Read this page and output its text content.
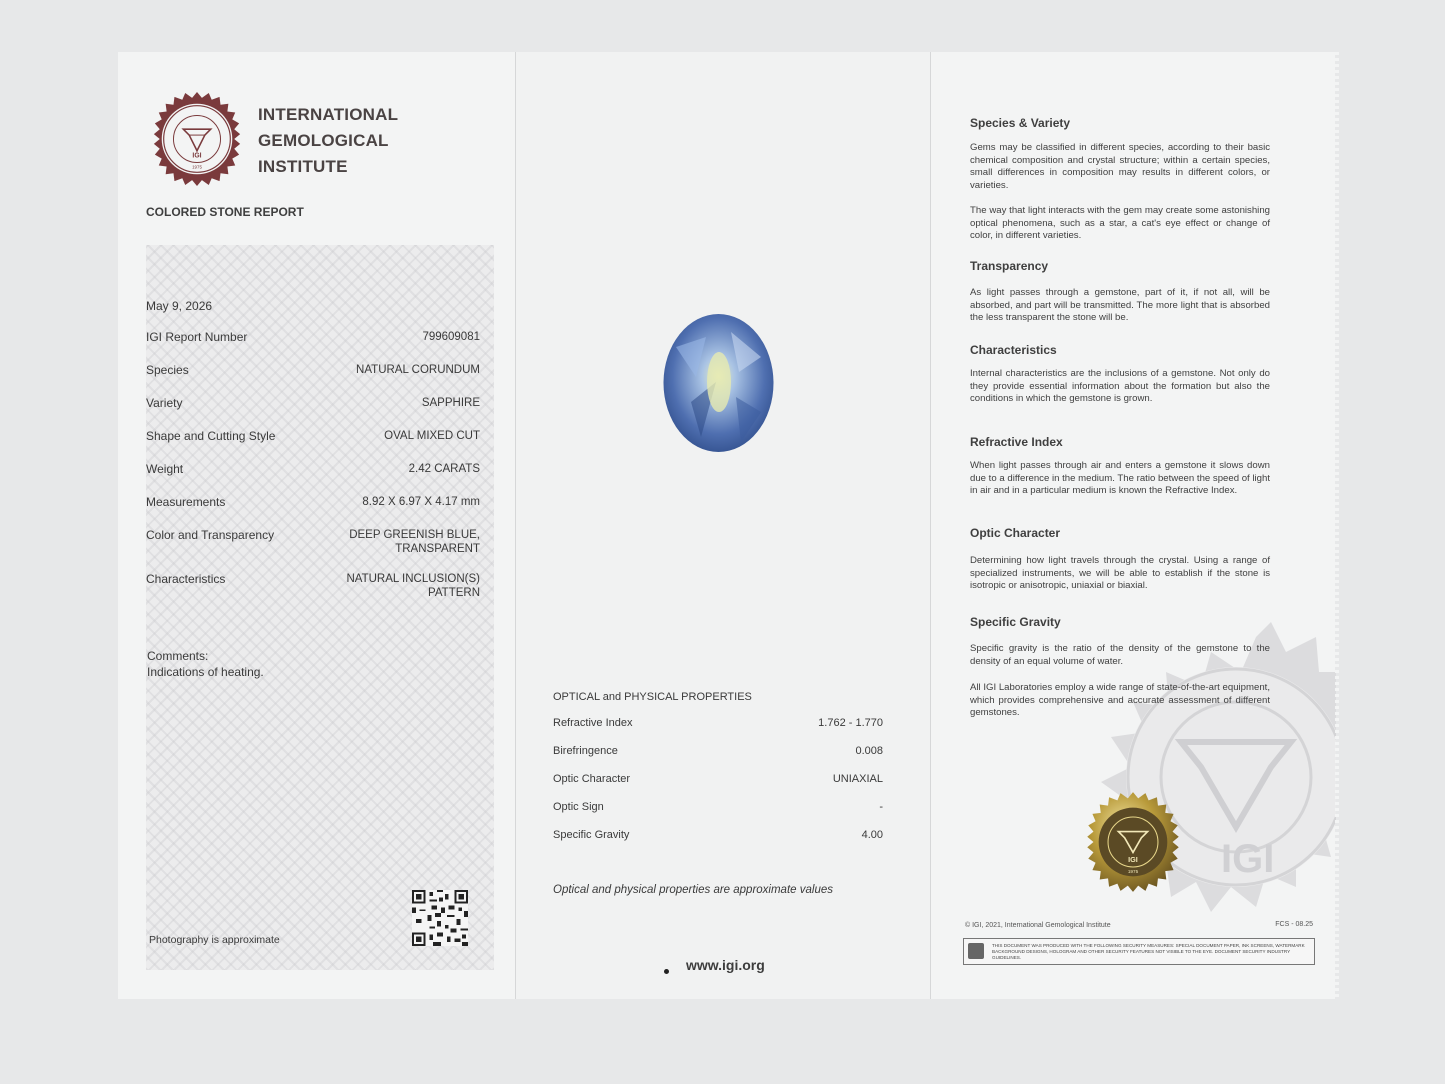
IGI
1975
INTERNATIONAL
GEMOLOGICAL
INSTITUTE
COLORED STONE REPORT
May 9, 2026
IGI Report Number	799609081
Species	NATURAL CORUNDUM
Variety	SAPPHIRE
Shape and Cutting Style	OVAL MIXED CUT
Weight	2.42 CARATS
Measurements	8.92 X 6.97 X 4.17 mm
Color and Transparency	DEEP GREENISH BLUE,
TRANSPARENT
Characteristics	NATURAL INCLUSION(S)
PATTERN
Comments:
Indications of heating.
Photography is approximate
OPTICAL and PHYSICAL PROPERTIES
Refractive Index	1.762 - 1.770
Birefringence	0.008
Optic Character	UNIAXIAL
Optic Sign	-
Specific Gravity	4.00
Optical and physical properties are approximate values
www.igi.org
IGI
Species & Variety
Gems may be classified in different species, according to their basic chemical composition and crystal structure; within a certain species, small differences in composition may results in different colors, or varieties.
The way that light interacts with the gem may create some astonishing optical phenomena, such as a star, a cat's eye effect or change of color, in different varieties.
Transparency
As light passes through a gemstone, part of it, if not all, will be absorbed, and part will be transmitted. The more light that is absorbed the less transparent the stone will be.
Characteristics
Internal characteristics are the inclusions of a gemstone. Not only do they provide essential information about the formation but also the conditions in which the gemstone is grown.
Refractive Index
When light passes through air and enters a gemstone it slows down due to a difference in the medium. The ratio between the speed of light in air and in a particular medium is known the Refractive Index.
Optic Character
Determining how light travels through the crystal. Using a range of specialized instruments, we will be able to establish if the stone is isotropic or anisotropic, uniaxial or biaxial.
Specific Gravity
Specific gravity is the ratio of the density of the gemstone to the density of an equal volume of water.
All IGI Laboratories employ a wide range of state-of-the-art equipment, which provides comprehensive and accurate assessment of different gemstones.
IGI
1975
© IGI, 2021, International Gemological Institute	FCS - 08.25
THIS DOCUMENT WAS PRODUCED WITH THE FOLLOWING SECURITY MEASURES: SPECIAL DOCUMENT PAPER, INK SCREENS, WATERMARK BACKGROUND DESIGNS, HOLOGRAM AND OTHER SECURITY FEATURES NOT VISIBLE TO THE EYE. DOCUMENT SECURITY INDUSTRY GUIDELINES.
